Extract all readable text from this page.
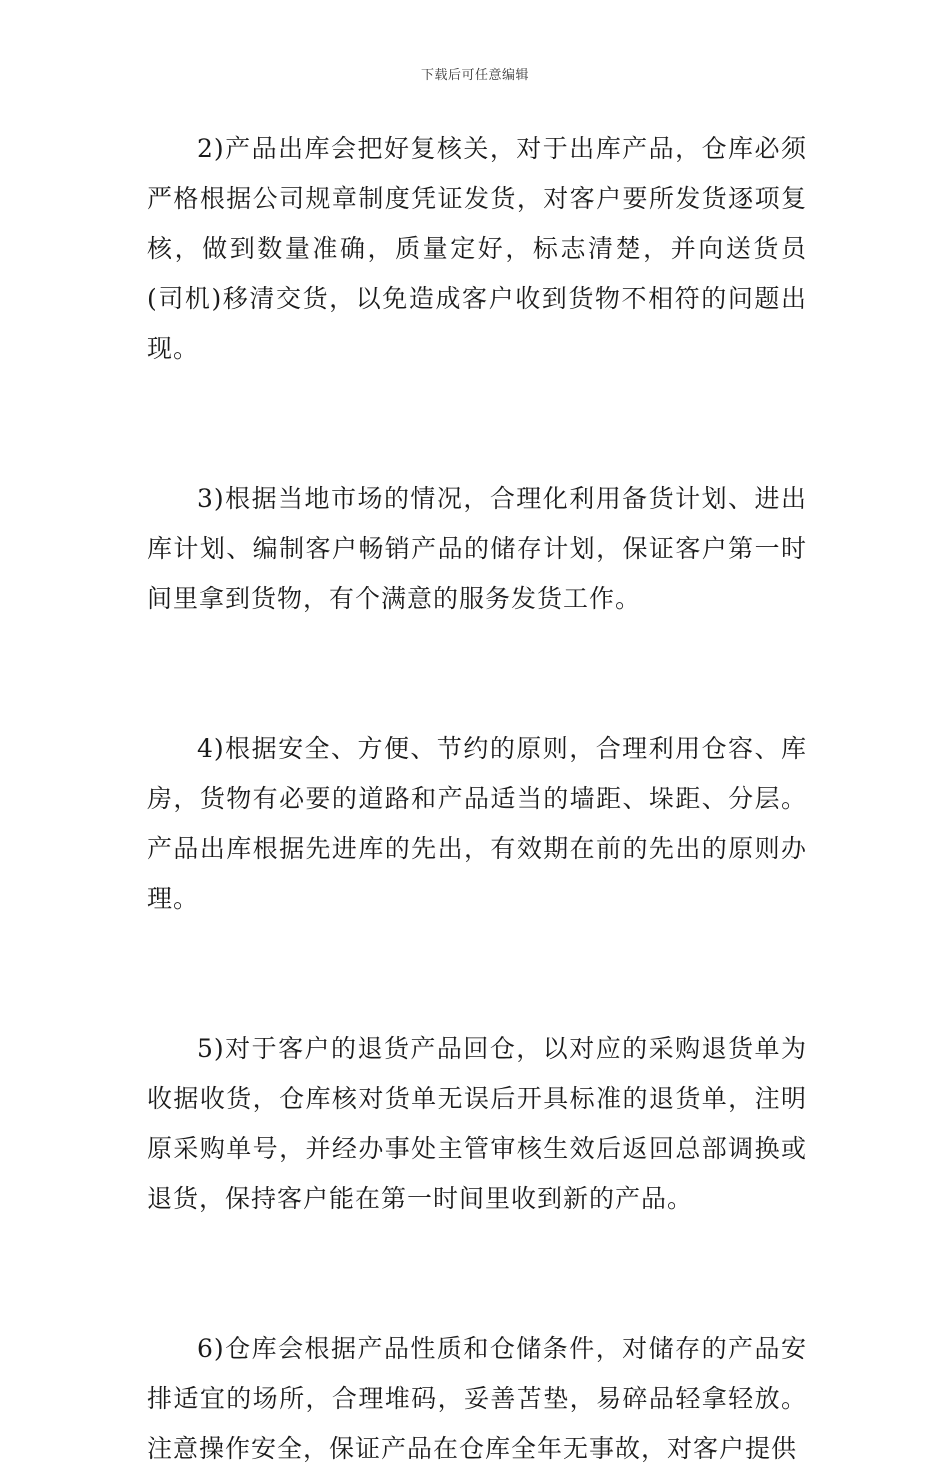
下载后可任意编辑

2)产品出库会把好复核关，对于出库产品，仓库必须严格根据公司规章制度凭证发货，对客户要所发货逐项复核，做到数量准确，质量定好，标志清楚，并向送货员(司机)移清交货，以免造成客户收到货物不相符的问题出现。

3)根据当地市场的情况，合理化利用备货计划、进出库计划、编制客户畅销产品的储存计划，保证客户第一时间里拿到货物，有个满意的服务发货工作。

4)根据安全、方便、节约的原则，合理利用仓容、库房，货物有必要的道路和产品适当的墙距、垛距、分层。产品出库根据先进库的先出，有效期在前的先出的原则办理。

5)对于客户的退货产品回仓，以对应的采购退货单为收据收货，仓库核对货单无误后开具标准的退货单，注明原采购单号，并经办事处主管审核生效后返回总部调换或退货，保持客户能在第一时间里收到新的产品。

6)仓库会根据产品性质和仓储条件，对储存的产品安排适宜的场所，合理堆码，妥善苫垫，易碎品轻拿轻放。注意操作安全，保证产品在仓库全年无事故，对客户提供
